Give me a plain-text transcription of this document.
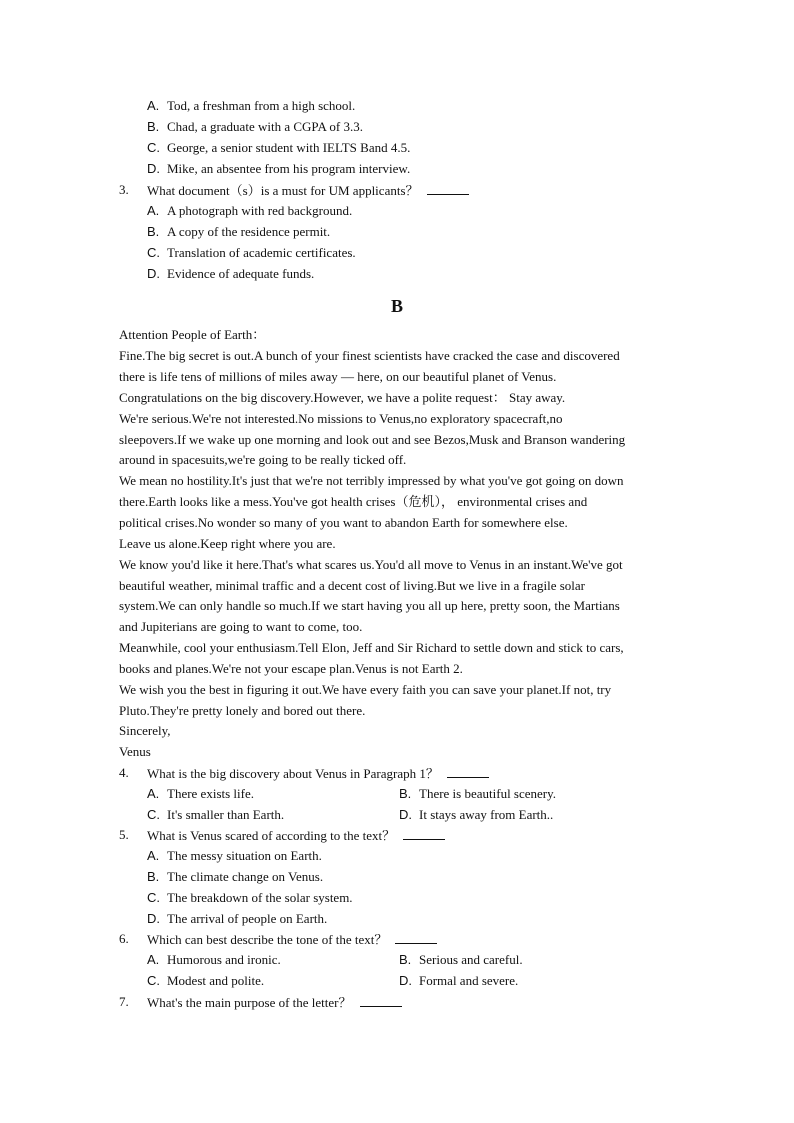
A. Tod, a freshman from a high school.
B. Chad, a graduate with a CGPA of 3.3.
C. George, a senior student with IELTS Band 4.5.
D. Mike, an absentee from his program interview.
3. What document（s）is a must for UM applicants？
A. A photograph with red background.
B. A copy of the residence permit.
C. Translation of academic certificates.
D. Evidence of adequate funds.
B
Attention People of Earth：
Fine.The big secret is out.A bunch of your finest scientists have cracked the case and discovered
there is life tens of millions of miles away — here, on our beautiful planet of Venus.
Congratulations on the big discovery.However, we have a polite request： Stay away.
We're serious.We're not interested.No missions to Venus,no exploratory spacecraft,no
sleepovers.If we wake up one morning and look out and see Bezos,Musk and Branson wandering
around in spacesuits,we're going to be really ticked off.
We mean no hostility.It's just that we're not terribly impressed by what you've got going on down
there.Earth looks like a mess.You've got health crises（危机）， environmental crises and
political crises.No wonder so many of you want to abandon Earth for somewhere else.
Leave us alone.Keep right where you are.
We know you'd like it here.That's what scares us.You'd all move to Venus in an instant.We've got
beautiful weather, minimal traffic and a decent cost of living.But we live in a fragile solar
system.We can only handle so much.If we start having you all up here, pretty soon, the Martians
and Jupiterians are going to want to come, too.
Meanwhile, cool your enthusiasm.Tell Elon, Jeff and Sir Richard to settle down and stick to cars,
books and planes.We're not your escape plan.Venus is not Earth 2.
We wish you the best in figuring it out.We have every faith you can save your planet.If not, try
Pluto.They're pretty lonely and bored out there.
Sincerely,
Venus
4. What is the big discovery about Venus in Paragraph 1？
A. There exists life.	B. There is beautiful scenery.
C. It's smaller than Earth.	D. It stays away from Earth..
5. What is Venus scared of according to the text？
A. The messy situation on Earth.
B. The climate change on Venus.
C. The breakdown of the solar system.
D. The arrival of people on Earth.
6. Which can best describe the tone of the text？
A. Humorous and ironic.	B. Serious and careful.
C. Modest and polite.	D. Formal and severe.
7. What's the main purpose of the letter？
